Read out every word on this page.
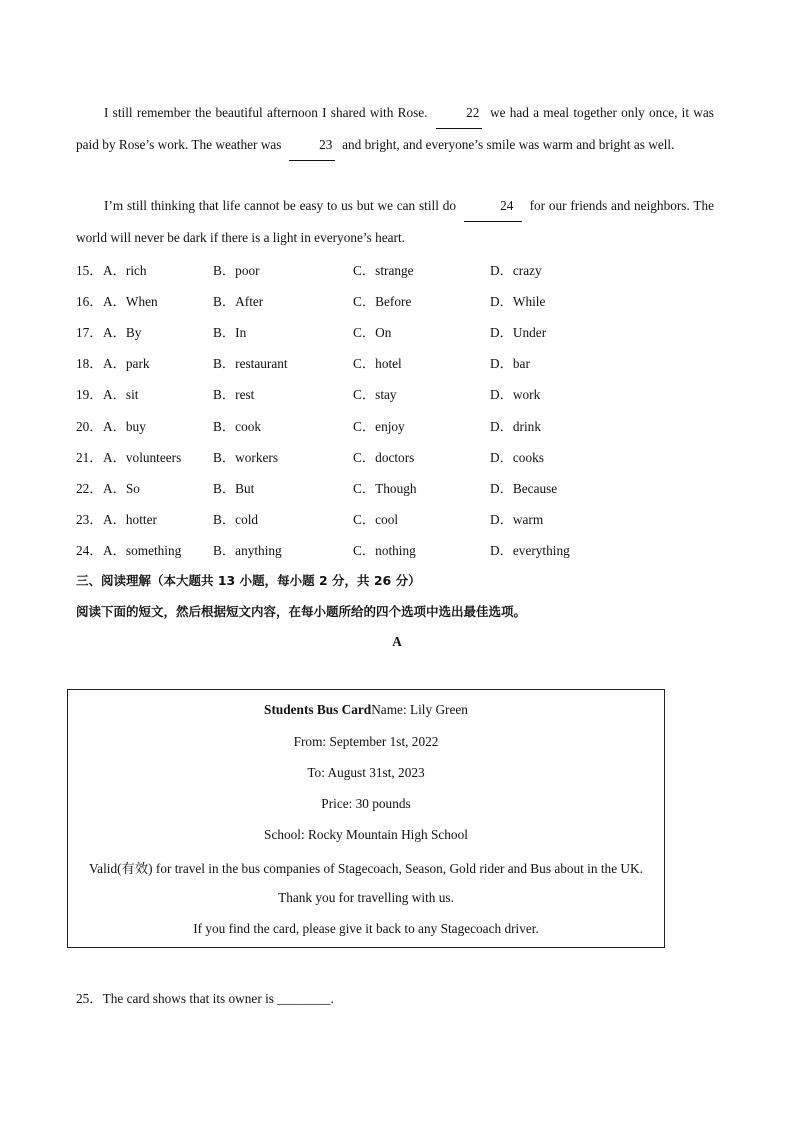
I still remember the beautiful afternoon I shared with Rose.	22 we had a meal together only once, it was paid by Rose’s work. The weather was	23 and bright, and everyone’s smile was warm and bright as well.

I’m still thinking that life cannot be easy to us but we can still do	24 for our friends and neighbors. The world will never be dark if there is a light in everyone’s heart.

15． A．rich	B．poor	C．strange	D．crazy
16． A．When	B．After	C．Before	D．While
17． A．By	B．In	C．On	D．Under
18． A．park	B．restaurant	C．hotel	D．bar
19． A．sit	B．rest	C．stay	D．work
20． A．buy	B．cook	C．enjoy	D．drink
21． A．volunteers B．workers	C．doctors	D．cooks
22． A．So	B．But	C．Though	D．Because
23． A．hotter	B．cold	C．cool	D．warm
24． A．something B．anything	C．nothing	D．everything
三、阅读理解（本大题共 13 小题，每小题 2 分，共 26 分）
阅读下面的短文，然后根据短文内容，在每小题所给的四个选项中选出最佳选项。
A
Students Bus CardName: Lily Green
From: September 1st, 2022
To: August 31st, 2023
Price: 30 pounds
School: Rocky Mountain High School
Valid(有效) for travel in the bus companies of Stagecoach, Season, Gold rider and Bus about in the UK.
Thank you for travelling with us.
If you find the card, please give it back to any Stagecoach driver.
25．The card shows that its owner is ________.
